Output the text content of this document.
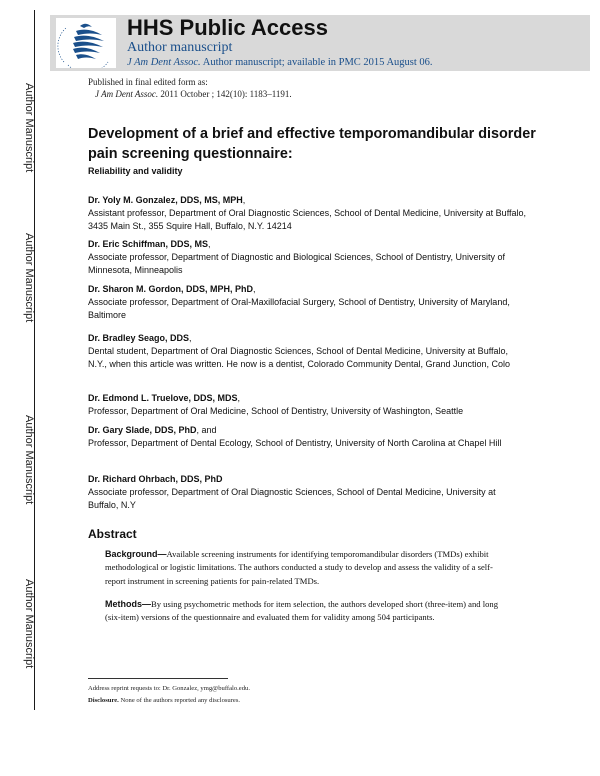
Author Manuscript
Author Manuscript
Author Manuscript
Author Manuscript
HHS Public Access
Author manuscript
J Am Dent Assoc. Author manuscript; available in PMC 2015 August 06.
Published in final edited form as:
J Am Dent Assoc. 2011 October ; 142(10): 1183–1191.
Development of a brief and effective temporomandibular disorder pain screening questionnaire:
Reliability and validity
Dr. Yoly M. Gonzalez, DDS, MS, MPH,
Assistant professor, Department of Oral Diagnostic Sciences, School of Dental Medicine, University at Buffalo, 3435 Main St., 355 Squire Hall, Buffalo, N.Y. 14214
Dr. Eric Schiffman, DDS, MS,
Associate professor, Department of Diagnostic and Biological Sciences, School of Dentistry, University of Minnesota, Minneapolis
Dr. Sharon M. Gordon, DDS, MPH, PhD,
Associate professor, Department of Oral-Maxillofacial Surgery, School of Dentistry, University of Maryland, Baltimore
Dr. Bradley Seago, DDS,
Dental student, Department of Oral Diagnostic Sciences, School of Dental Medicine, University at Buffalo, N.Y., when this article was written. He now is a dentist, Colorado Community Dental, Grand Junction, Colo
Dr. Edmond L. Truelove, DDS, MDS,
Professor, Department of Oral Medicine, School of Dentistry, University of Washington, Seattle
Dr. Gary Slade, DDS, PhD, and
Professor, Department of Dental Ecology, School of Dentistry, University of North Carolina at Chapel Hill
Dr. Richard Ohrbach, DDS, PhD
Associate professor, Department of Oral Diagnostic Sciences, School of Dental Medicine, University at Buffalo, N.Y
Abstract
Background—Available screening instruments for identifying temporomandibular disorders (TMDs) exhibit methodological or logistic limitations. The authors conducted a study to develop and assess the validity of a self-report instrument in screening patients for pain-related TMDs.
Methods—By using psychometric methods for item selection, the authors developed short (three-item) and long (six-item) versions of the questionnaire and evaluated them for validity among 504 participants.
Address reprint requests to: Dr. Gonzalez, ymg@buffalo.edu.
Disclosure. None of the authors reported any disclosures.
